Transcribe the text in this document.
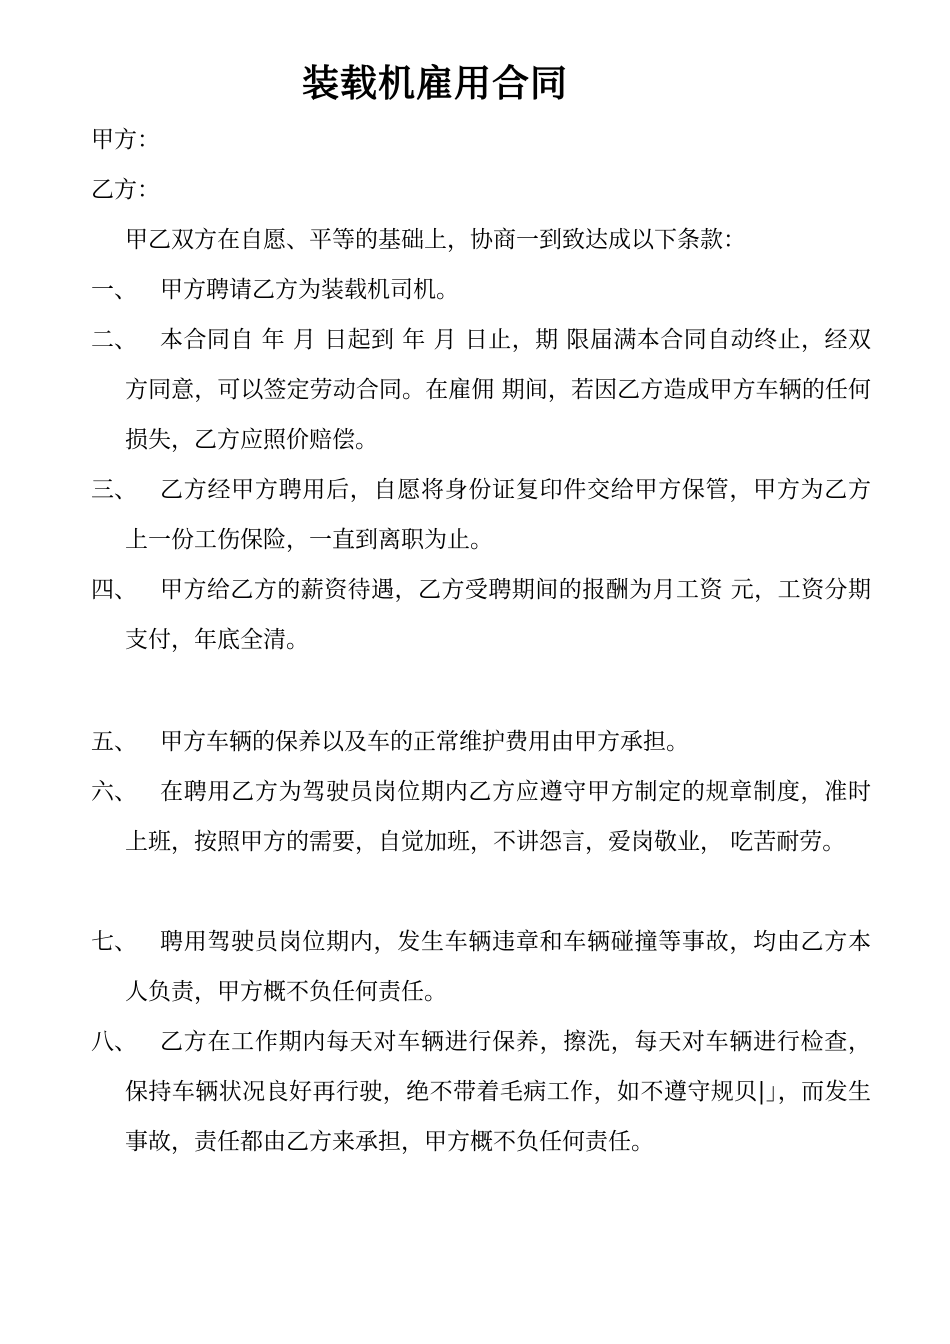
装载机雇用合同
甲方：
乙方：
甲乙双方在自愿、平等的基础上，协商一到致达成以下条款：
一、	甲方聘请乙方为装载机司机。
二、	本合同自 年 月 日起到 年 月 日止，期 限届满本合同自动终止，经双方同意，可以签定劳动合同。在雇佣 期间，若因乙方造成甲方车辆的任何损失，乙方应照价赔偿。
三、	乙方经甲方聘用后，自愿将身份证复印件交给甲方保管，甲方为乙方上一份工伤保险，一直到离职为止。
四、	甲方给乙方的薪资待遇，乙方受聘期间的报酬为月工资 元，工资分期支付，年底全清。
五、	甲方车辆的保养以及车的正常维护费用由甲方承担。
六、	在聘用乙方为驾驶员岗位期内乙方应遵守甲方制定的规章制度，准时上班，按照甲方的需要，自觉加班，不讲怨言，爱岗敬业， 吃苦耐劳。
七、	聘用驾驶员岗位期内，发生车辆违章和车辆碰撞等事故，均由乙方本人负责，甲方概不负任何责任。
八、	乙方在工作期内每天对车辆进行保养，擦洗，每天对车辆进行检查，保持车辆状况良好再行驶，绝不带着毛病工作，如不遵守规贝|」，而发生事故，责任都由乙方来承担，甲方概不负任何责任。
